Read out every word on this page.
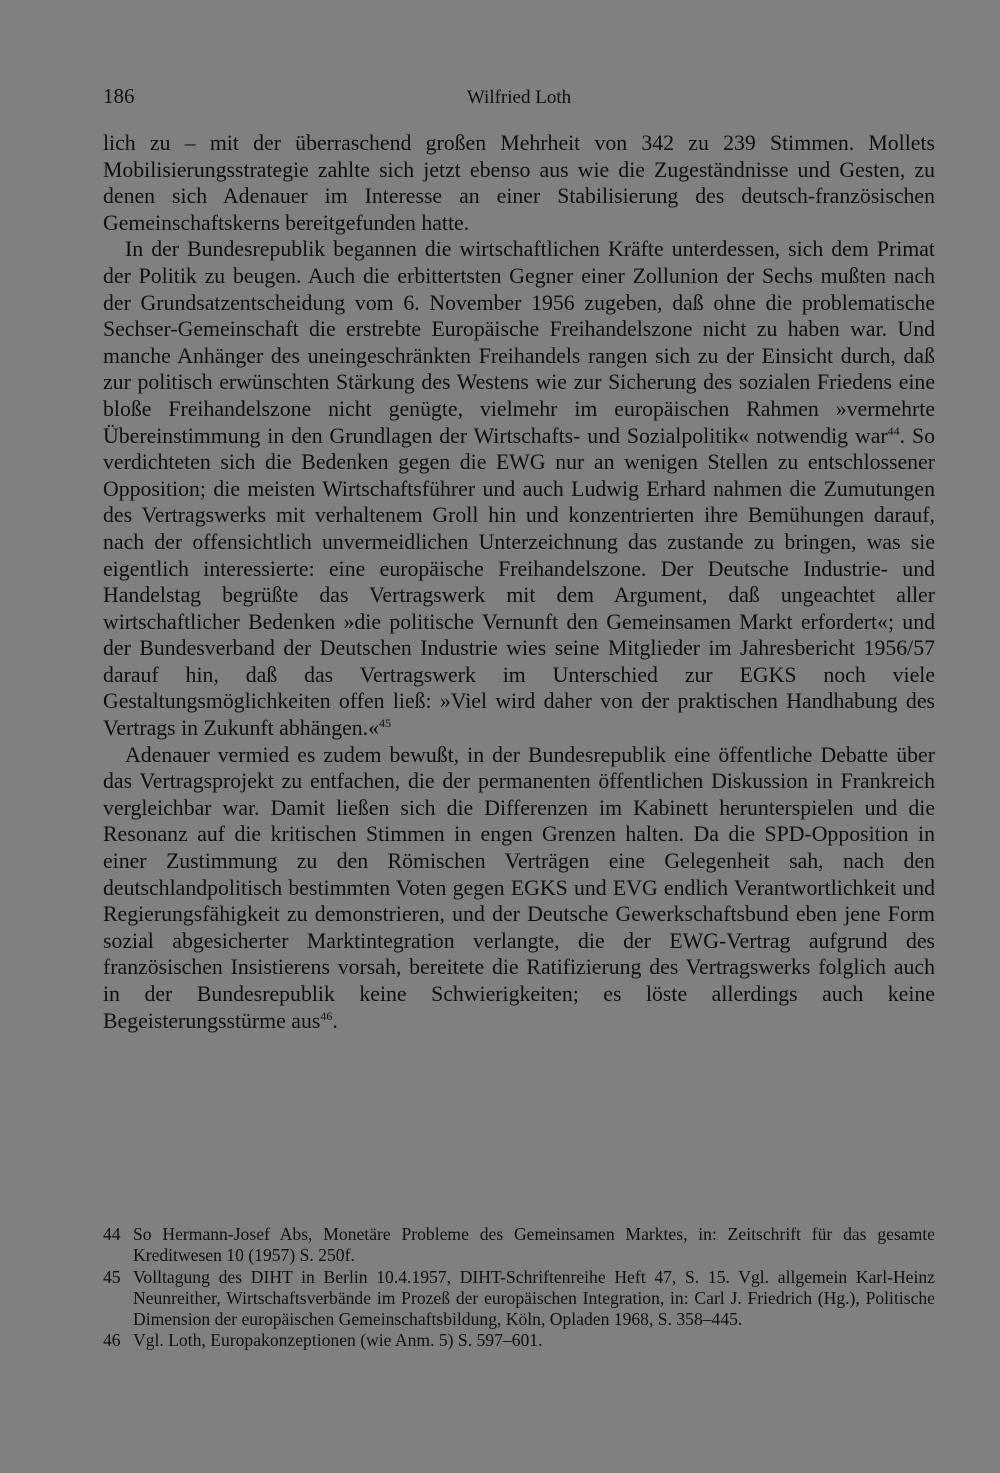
186	Wilfried Loth

lich zu – mit der überraschend großen Mehrheit von 342 zu 239 Stimmen. Mollets Mobilisierungsstrategie zahlte sich jetzt ebenso aus wie die Zugeständnisse und Gesten, zu denen sich Adenauer im Interesse an einer Stabilisierung des deutsch-französischen Gemeinschaftskerns bereitgefunden hatte.

In der Bundesrepublik begannen die wirtschaftlichen Kräfte unterdessen, sich dem Primat der Politik zu beugen. Auch die erbittertsten Gegner einer Zollunion der Sechs mußten nach der Grundsatzentscheidung vom 6. November 1956 zugeben, daß ohne die problematische Sechser-Gemeinschaft die erstrebte Europäische Freihandelszone nicht zu haben war. Und manche Anhänger des uneingeschränkten Freihandels rangen sich zu der Einsicht durch, daß zur politisch erwünschten Stärkung des Westens wie zur Sicherung des sozialen Friedens eine bloße Freihandelszone nicht genügte, vielmehr im europäischen Rahmen »vermehrte Übereinstimmung in den Grundlagen der Wirtschafts- und Sozialpolitik« notwendig war$^{44}$. So verdichteten sich die Bedenken gegen die EWG nur an wenigen Stellen zu entschlossener Opposition; die meisten Wirtschaftsführer und auch Ludwig Erhard nahmen die Zumutungen des Vertragswerks mit verhaltenem Groll hin und konzentrierten ihre Bemühungen darauf, nach der offensichtlich unvermeidlichen Unterzeichnung das zustande zu bringen, was sie eigentlich interessierte: eine europäische Freihandelszone. Der Deutsche Industrie- und Handelstag begrüßte das Vertragswerk mit dem Argument, daß ungeachtet aller wirtschaftlicher Bedenken »die politische Vernunft den Gemeinsamen Markt erfordert«; und der Bundesverband der Deutschen Industrie wies seine Mitglieder im Jahresbericht 1956/57 darauf hin, daß das Vertragswerk im Unterschied zur EGKS noch viele Gestaltungsmöglichkeiten offen ließ: »Viel wird daher von der praktischen Handhabung des Vertrags in Zukunft abhängen.«$^{45}$

Adenauer vermied es zudem bewußt, in der Bundesrepublik eine öffentliche Debatte über das Vertragsprojekt zu entfachen, die der permanenten öffentlichen Diskussion in Frankreich vergleichbar war. Damit ließen sich die Differenzen im Kabinett herunterspielen und die Resonanz auf die kritischen Stimmen in engen Grenzen halten. Da die SPD-Opposition in einer Zustimmung zu den Römischen Verträgen eine Gelegenheit sah, nach den deutschlandpolitisch bestimmten Voten gegen EGKS und EVG endlich Verantwortlichkeit und Regierungsfähigkeit zu demonstrieren, und der Deutsche Gewerkschaftsbund eben jene Form sozial abgesicherter Marktintegration verlangte, die der EWG-Vertrag aufgrund des französischen Insistierens vorsah, bereitete die Ratifizierung des Vertragswerks folglich auch in der Bundesrepublik keine Schwierigkeiten; es löste allerdings auch keine Begeisterungsstürme aus$^{46}$.

44 So Hermann-Josef Abs, Monetäre Probleme des Gemeinsamen Marktes, in: Zeitschrift für das gesamte Kreditwesen 10 (1957) S. 250f.

45 Volltagung des DIHT in Berlin 10.4.1957, DIHT-Schriftenreihe Heft 47, S. 15. Vgl. allgemein Karl-Heinz Neunreither, Wirtschaftsverbände im Prozeß der europäischen Integration, in: Carl J. Friedrich (Hg.), Politische Dimension der europäischen Gemeinschaftsbildung, Köln, Opladen 1968, S. 358–445.

46 Vgl. Loth, Europakonzeptionen (wie Anm. 5) S. 597–601.
